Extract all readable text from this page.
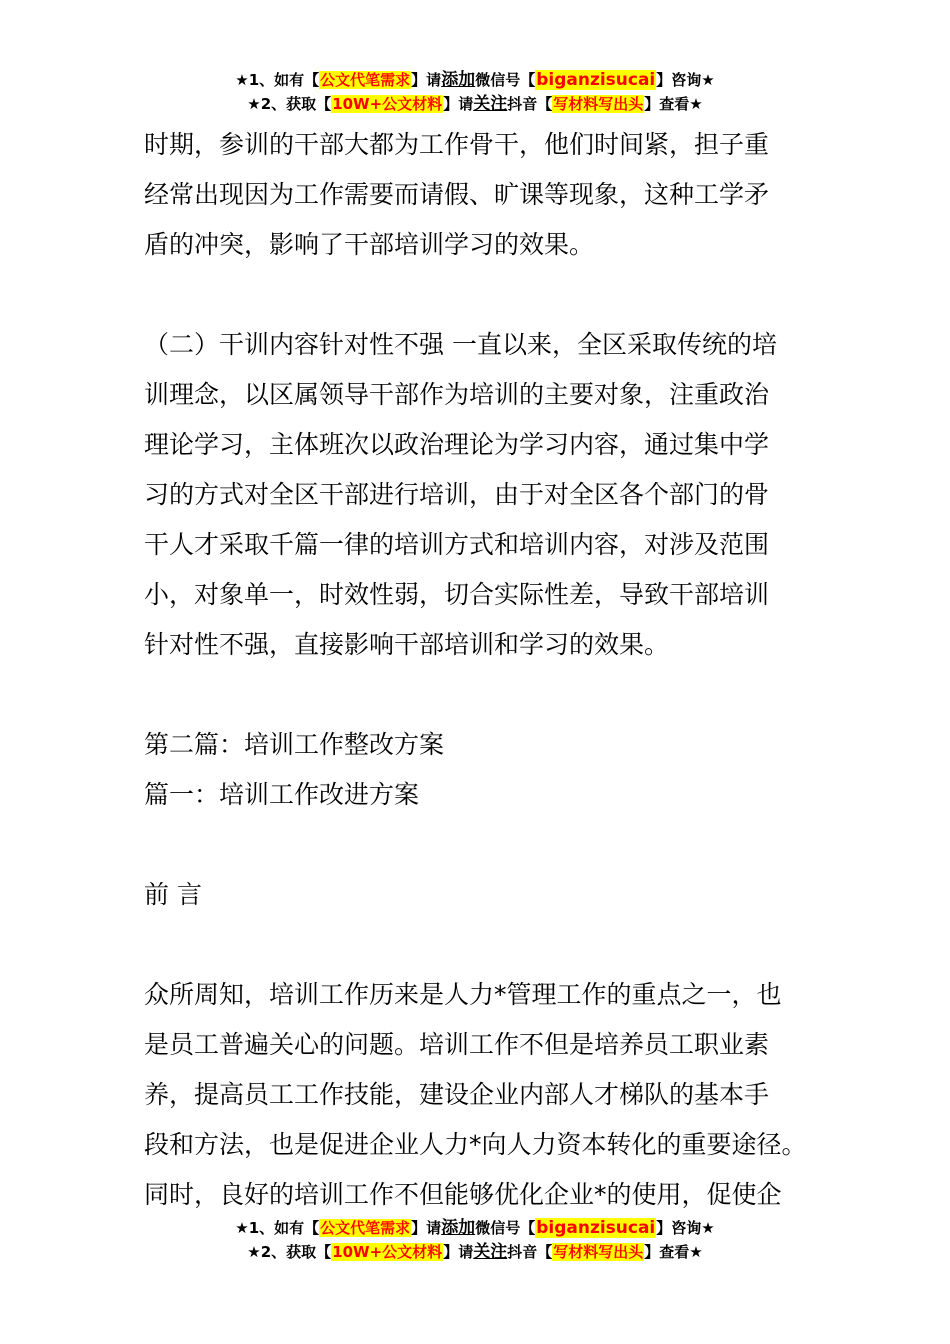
★1、如有【公文代笔需求】请添加微信号【biganzisucai】咨询★
★2、获取【10W+公文材料】请关注抖音【写材料写出头】查看★

时期，参训的干部大都为工作骨干，他们时间紧，担子重

经常出现因为工作需要而请假、旷课等现象，这种工学矛

盾的冲突，影响了干部培训学习的效果。

（二）干训内容针对性不强 一直以来，全区采取传统的培

训理念，以区属领导干部作为培训的主要对象，注重政治

理论学习，主体班次以政治理论为学习内容，通过集中学

习的方式对全区干部进行培训，由于对全区各个部门的骨

干人才采取千篇一律的培训方式和培训内容，对涉及范围

小，对象单一，时效性弱，切合实际性差，导致干部培训

针对性不强，直接影响干部培训和学习的效果。

第二篇：培训工作整改方案

篇一：培训工作改进方案

前 言

众所周知，培训工作历来是人力*管理工作的重点之一，也

是员工普遍关心的问题。培训工作不但是培养员工职业素

养，提高员工工作技能，建设企业内部人才梯队的基本手

段和方法，也是促进企业人力*向人力资本转化的重要途径。

同时，良好的培训工作不但能够优化企业*的使用，促使企

★1、如有【公文代笔需求】请添加微信号【biganzisucai】咨询★
★2、获取【10W+公文材料】请关注抖音【写材料写出头】查看★
